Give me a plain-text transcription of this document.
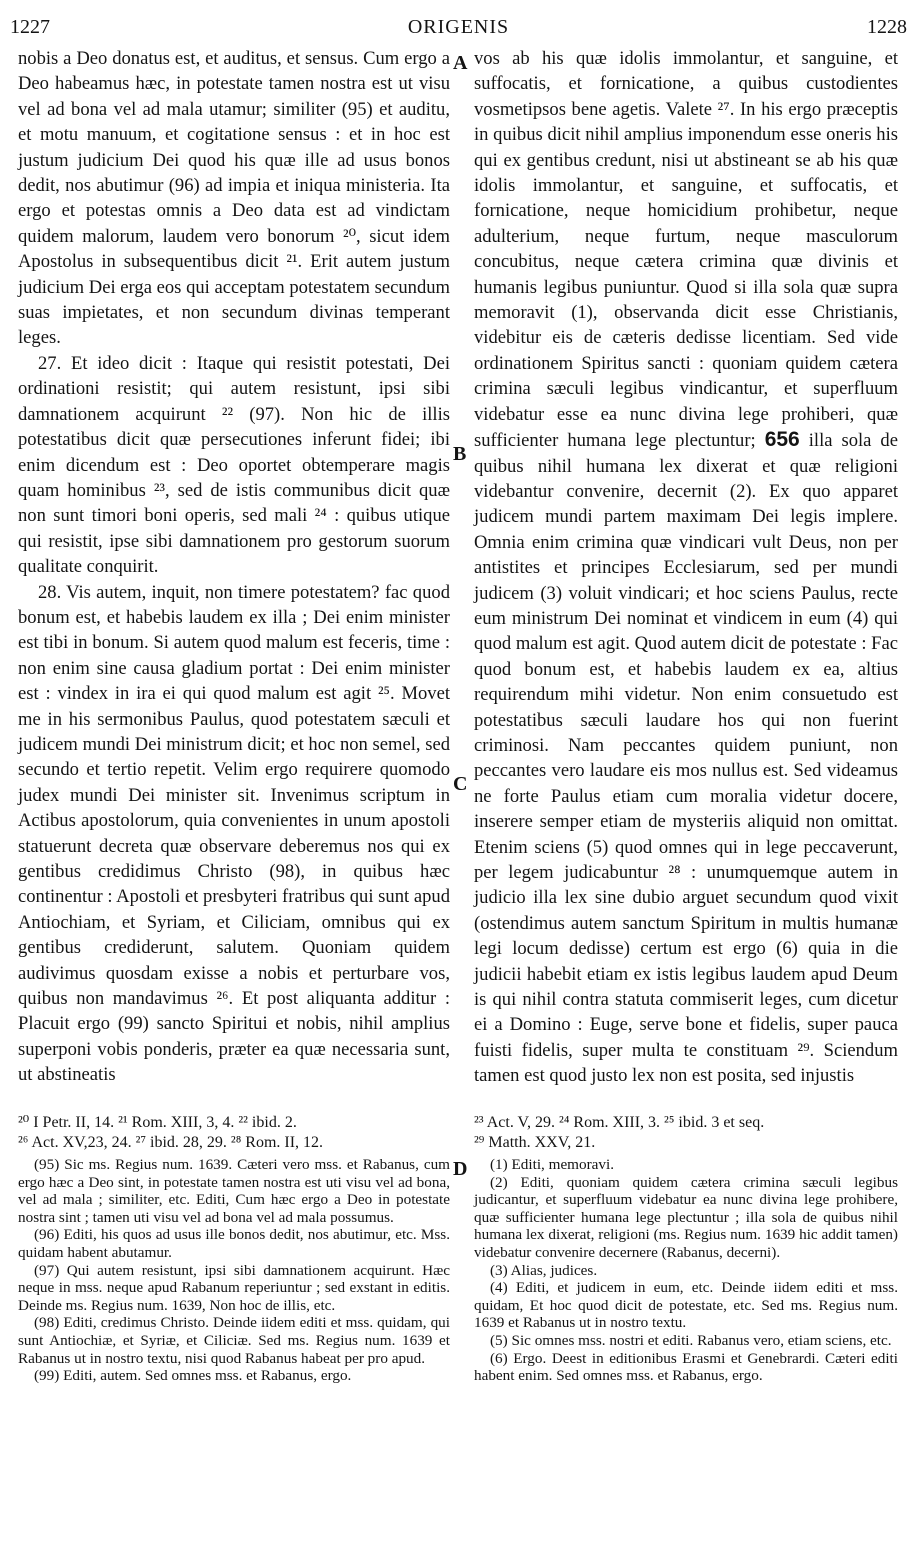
1227	ORIGENIS	1228
A
B
C
D

nobis a Deo donatus est, et auditus, et sensus. Cum ergo a Deo habeamus hæc, in potestate tamen nostra est ut visu vel ad bona vel ad mala utamur; similiter (95) et auditu, et motu manuum, et cogitatione sensus : et in hoc est justum judicium Dei quod his quæ ille ad usus bonos dedit, nos abutimur (96) ad impia et iniqua ministeria. Ita ergo et potestas omnis a Deo data est ad vindictam quidem malorum, laudem vero bonorum ²⁰, sicut idem Apostolus in subsequentibus dicit ²¹. Erit autem justum judicium Dei erga eos qui acceptam potestatem secundum suas impietates, et non secundum divinas temperant leges.

27. Et ideo dicit : Itaque qui resistit potestati, Dei ordinationi resistit; qui autem resistunt, ipsi sibi damnationem acquirunt ²² (97). Non hic de illis potestatibus dicit quæ persecutiones inferunt fidei; ibi enim dicendum est : Deo oportet obtemperare magis quam hominibus ²³, sed de istis communibus dicit quæ non sunt timori boni operis, sed mali ²⁴ : quibus utique qui resistit, ipse sibi damnationem pro gestorum suorum qualitate conquirit.

28. Vis autem, inquit, non timere potestatem? fac quod bonum est, et habebis laudem ex illa ; Dei enim minister est tibi in bonum. Si autem quod malum est feceris, time : non enim sine causa gladium portat : Dei enim minister est : vindex in ira ei qui quod malum est agit ²⁵. Movet me in his sermonibus Paulus, quod potestatem sæculi et judicem mundi Dei ministrum dicit; et hoc non semel, sed secundo et tertio repetit. Velim ergo requirere quomodo judex mundi Dei minister sit. Invenimus scriptum in Actibus apostolorum, quia convenientes in unum apostoli statuerunt decreta quæ observare deberemus nos qui ex gentibus credidimus Christo (98), in quibus hæc continentur : Apostoli et presbyteri fratribus qui sunt apud Antiochiam, et Syriam, et Ciliciam, omnibus qui ex gentibus crediderunt, salutem. Quoniam quidem audivimus quosdam exisse a nobis et perturbare vos, quibus non mandavimus ²⁶. Et post aliquanta additur : Placuit ergo (99) sancto Spiritui et nobis, nihil amplius superponi vobis ponderis, præter ea quæ necessaria sunt, ut abstineatis

vos ab his quæ idolis immolantur, et sanguine, et suffocatis, et fornicatione, a quibus custodientes vosmetipsos bene agetis. Valete ²⁷. In his ergo præceptis in quibus dicit nihil amplius imponendum esse oneris his qui ex gentibus credunt, nisi ut abstineant se ab his quæ idolis immolantur, et sanguine, et suffocatis, et fornicatione, neque homicidium prohibetur, neque adulterium, neque furtum, neque masculorum concubitus, neque cætera crimina quæ divinis et humanis legibus puniuntur. Quod si illa sola quæ supra memoravit (1), observanda dicit esse Christianis, videbitur eis de cæteris dedisse licentiam. Sed vide ordinationem Spiritus sancti : quoniam quidem cætera crimina sæculi legibus vindicantur, et superfluum videbatur esse ea nunc divina lege prohiberi, quæ sufficienter humana lege plectuntur; 656 illa sola de quibus nihil humana lex dixerat et quæ religioni videbantur convenire, decernit (2). Ex quo apparet judicem mundi partem maximam Dei legis implere. Omnia enim crimina quæ vindicari vult Deus, non per antistites et principes Ecclesiarum, sed per mundi judicem (3) voluit vindicari; et hoc sciens Paulus, recte eum ministrum Dei nominat et vindicem in eum (4) qui quod malum est agit. Quod autem dicit de potestate : Fac quod bonum est, et habebis laudem ex ea, altius requirendum mihi videtur. Non enim consuetudo est potestatibus sæculi laudare hos qui non fuerint criminosi. Nam peccantes quidem puniunt, non peccantes vero laudare eis mos nullus est. Sed videamus ne forte Paulus etiam cum moralia videtur docere, inserere semper etiam de mysteriis aliquid non omittat. Etenim sciens (5) quod omnes qui in lege peccaverunt, per legem judicabuntur ²⁸ : unumquemque autem in judicio illa lex sine dubio arguet secundum quod vixit (ostendimus autem sanctum Spiritum in multis humanæ legi locum dedisse) certum est ergo (6) quia in die judicii habebit etiam ex istis legibus laudem apud Deum is qui nihil contra statuta commiserit leges, cum dicetur ei a Domino : Euge, serve bone et fidelis, super pauca fuisti fidelis, super multa te constituam ²⁹. Sciendum tamen est quod justo lex non est posita, sed injustis

²⁰ I Petr. II, 14. ²¹ Rom. XIII, 3, 4. ²² ibid. 2.
²⁶ Act. XV,23, 24. ²⁷ ibid. 28, 29. ²⁸ Rom. II, 12.
²³ Act. V, 29. ²⁴ Rom. XIII, 3. ²⁵ ibid. 3 et seq.
²⁹ Matth. XXV, 21.

(95) Sic ms. Regius num. 1639. Cæteri vero mss. et Rabanus, cum ergo hæc a Deo sint, in potestate tamen nostra est uti visu vel ad bona, vel ad mala ; similiter, etc. Editi, Cum hæc ergo a Deo in potestate nostra sint ; tamen uti visu vel ad bona vel ad mala possumus.

(96) Editi, his quos ad usus ille bonos dedit, nos abutimur, etc. Mss. quidam habent abutamur.

(97) Qui autem resistunt, ipsi sibi damnationem acquirunt. Hæc neque in mss. neque apud Rabanum reperiuntur ; sed exstant in editis. Deinde ms. Regius num. 1639, Non hoc de illis, etc.

(98) Editi, credimus Christo. Deinde iidem editi et mss. quidam, qui sunt Antiochiæ, et Syriæ, et Ciliciæ. Sed ms. Regius num. 1639 et Rabanus ut in nostro textu, nisi quod Rabanus habeat per pro apud.

(99) Editi, autem. Sed omnes mss. et Rabanus, ergo.

(1) Editi, memoravi.

(2) Editi, quoniam quidem cætera crimina sæculi legibus judicantur, et superfluum videbatur ea nunc divina lege prohibere, quæ sufficienter humana lege plectuntur ; illa sola de quibus nihil humana lex dixerat, religioni (ms. Regius num. 1639 hic addit tamen) videbatur convenire decernere (Rabanus, decerni).

(3) Alias, judices.

(4) Editi, et judicem in eum, etc. Deinde iidem editi et mss. quidam, Et hoc quod dicit de potestate, etc. Sed ms. Regius num. 1639 et Rabanus ut in nostro textu.

(5) Sic omnes mss. nostri et editi. Rabanus vero, etiam sciens, etc.

(6) Ergo. Deest in editionibus Erasmi et Genebrardi. Cæteri editi habent enim. Sed omnes mss. et Rabanus, ergo.
